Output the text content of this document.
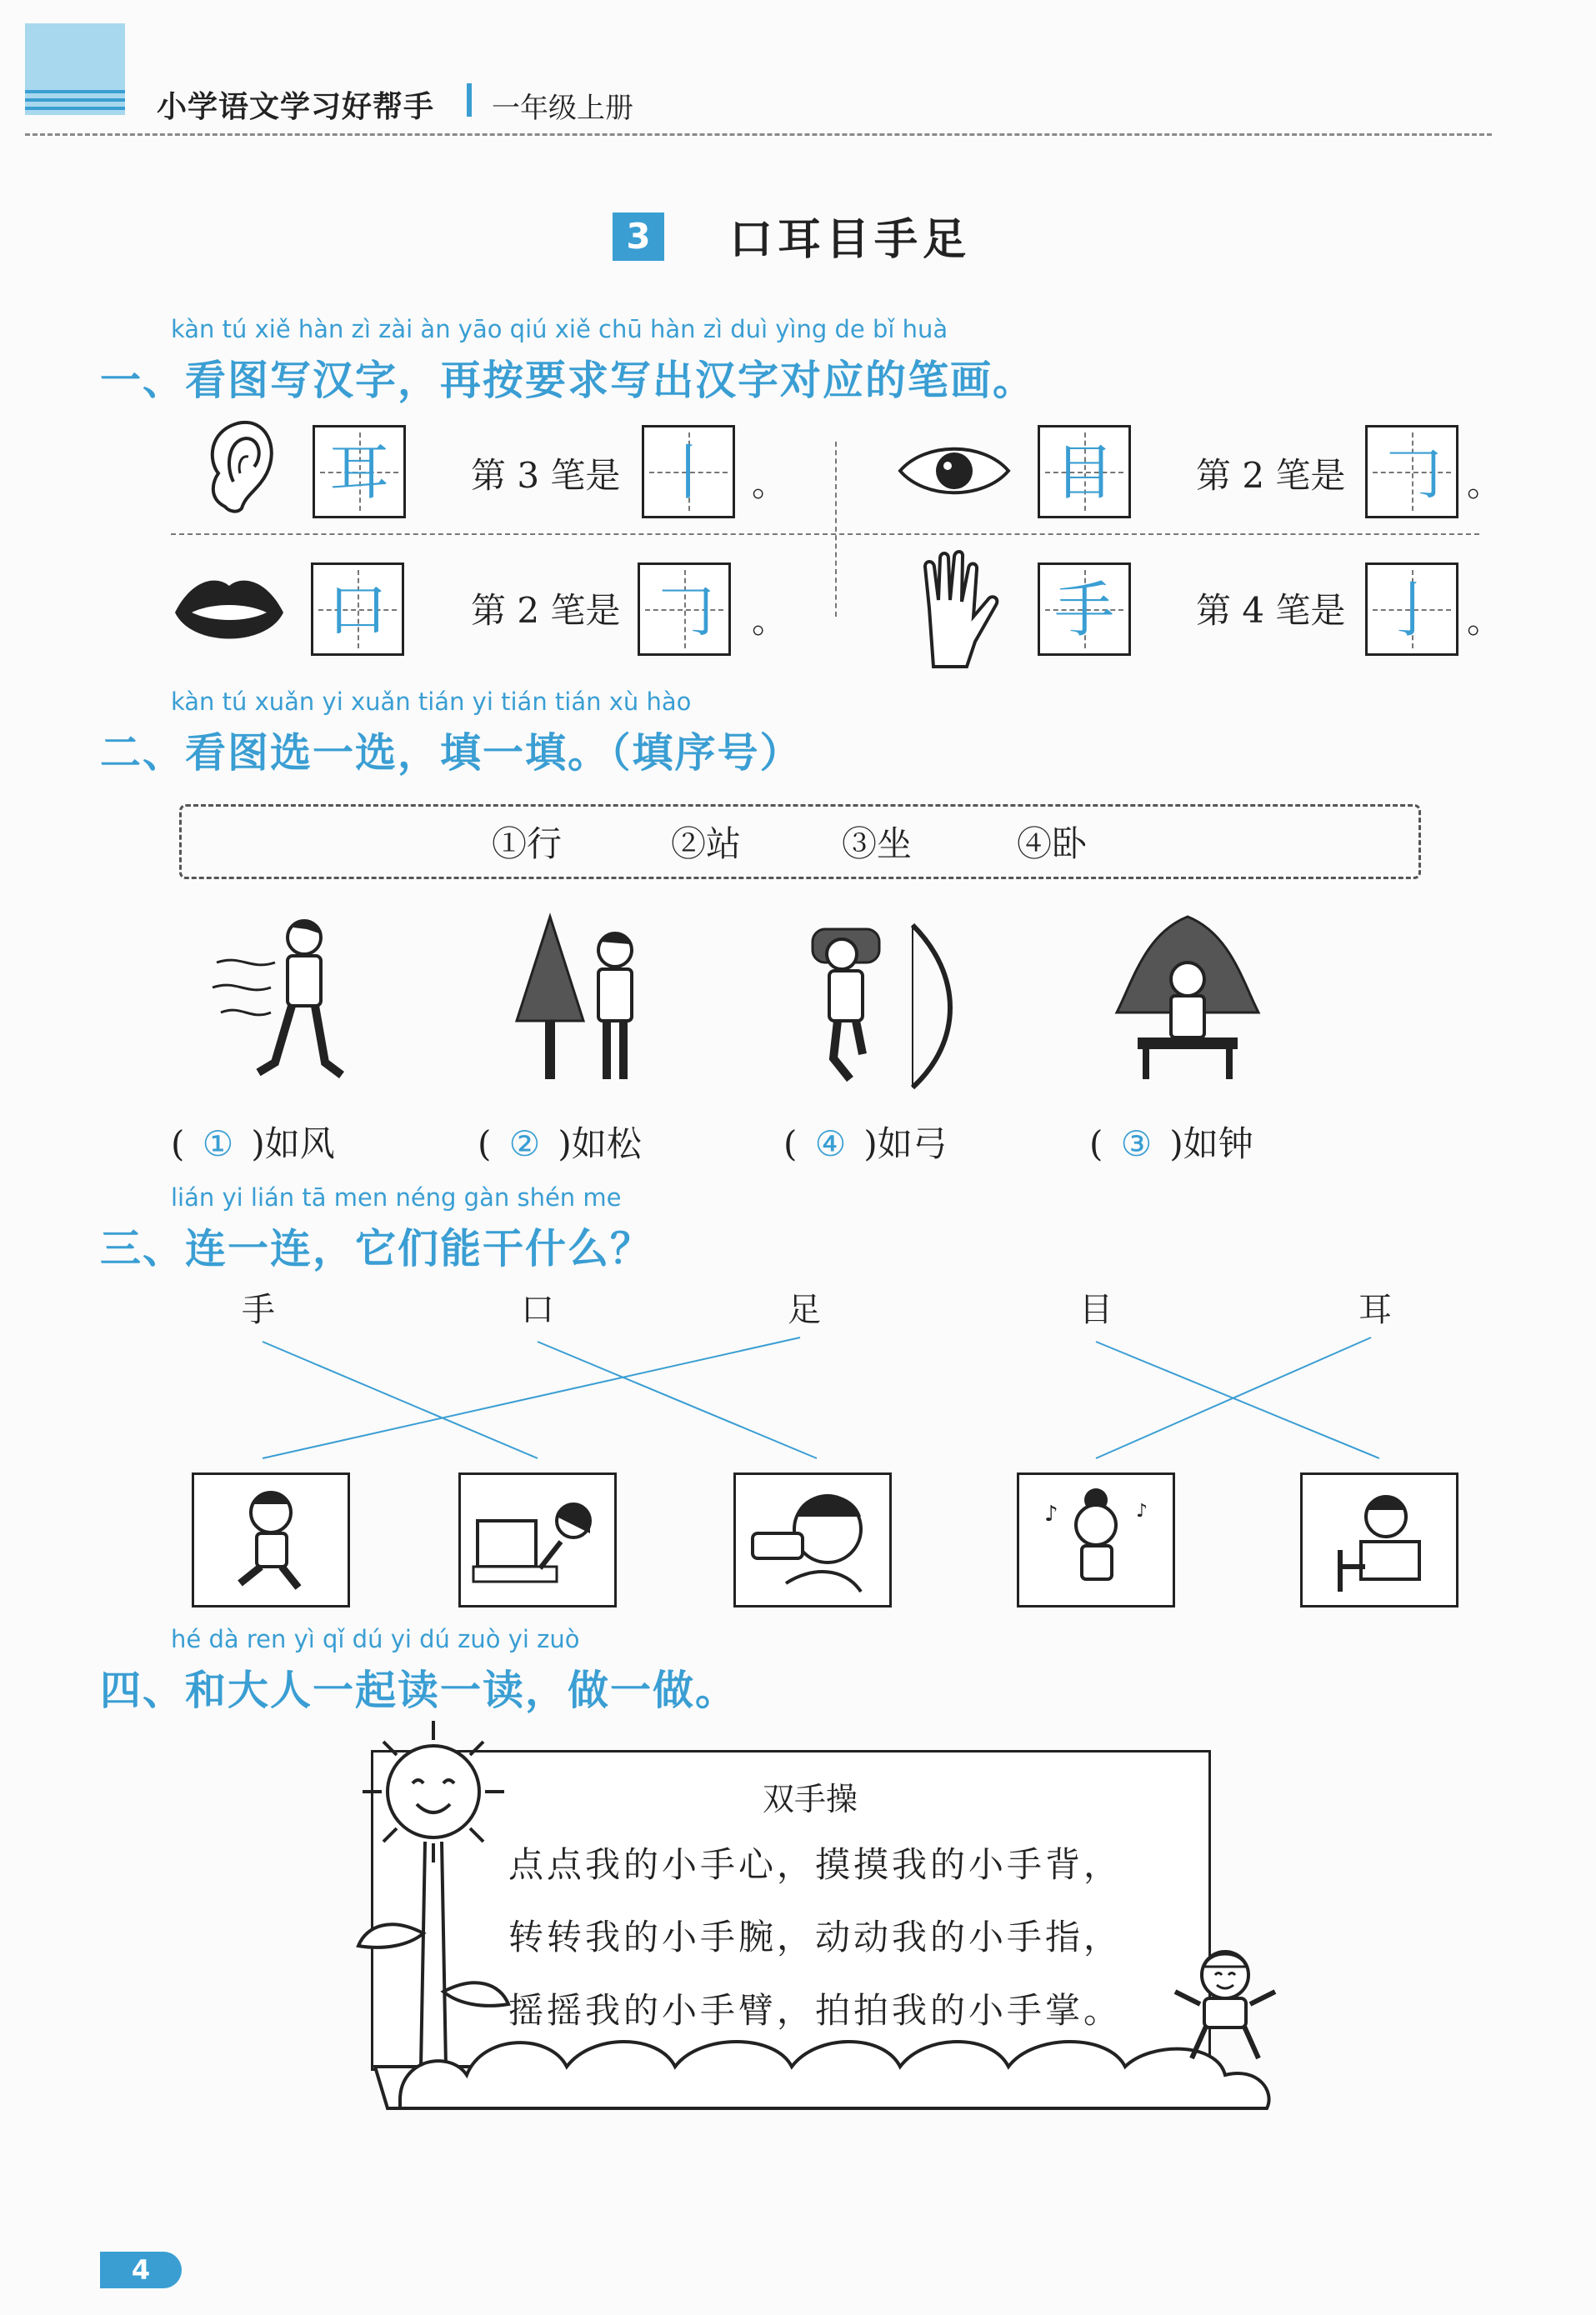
小学语文学习好帮手 一年级上册
3	口耳目手足
kàn tú xiě hàn zì zài àn yāo qiú xiě chū hàn zì duì yìng de bǐ huà
一、看图写汉字，再按要求写出汉字对应的笔画。
耳	第 3 笔是 丨 。	目	第 2 笔是 𠃌 。
口	第 2 笔是 𠃌	。	手	第 4 笔是 亅 。
kàn tú xuǎn yi xuǎn tián yi tián tián xù hào
二、看图选一选，填一填。（填序号）
①行	②站	③坐	④卧
( ① )如风	( ② )如松	( ④ )如弓	( ③ )如钟
lián yi lián tā men néng gàn shén me
三、连一连，它们能干什么？
手	口	足	目	耳
♪	♪
hé dà ren yì qǐ dú yi dú zuò yi zuò
四、和大人一起读一读，做一做。
双手操
点点我的小手心，摸摸我的小手背，
转转我的小手腕，动动我的小手指，
摇摇我的小手臂，拍拍我的小手掌。
4
